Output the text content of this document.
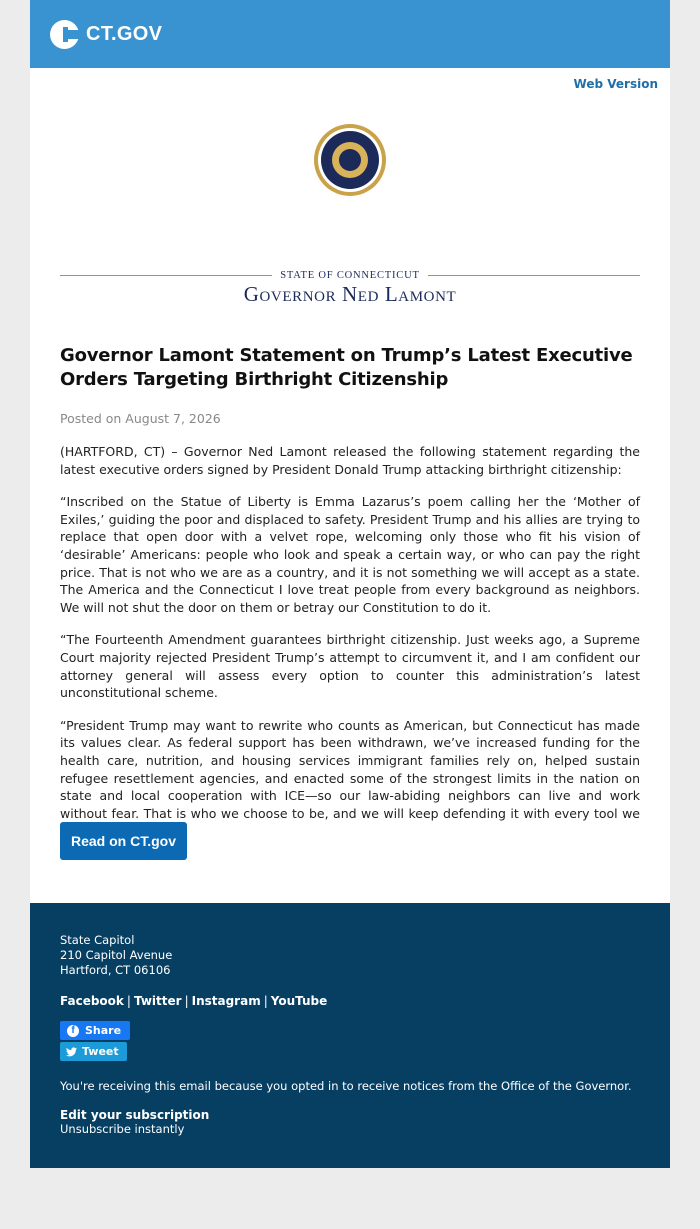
CT.GOV
Web Version
STATE OF CONNECTICUT
Governor Ned Lamont
Governor Lamont Statement on Trump’s Latest Executive Orders Targeting Birthright Citizenship
Posted on August 7, 2026

(HARTFORD, CT) – Governor Ned Lamont released the following statement regarding the latest executive orders signed by President Donald Trump attacking birthright citizenship:

“Inscribed on the Statue of Liberty is Emma Lazarus’s poem calling her the ‘Mother of Exiles,’ guiding the poor and displaced to safety. President Trump and his allies are trying to replace that open door with a velvet rope, welcoming only those who fit his vision of ‘desirable’ Americans: people who look and speak a certain way, or who can pay the right price. That is not who we are as a country, and it is not something we will accept as a state. The America and the Connecticut I love treat people from every background as neighbors. We will not shut the door on them or betray our Constitution to do it.

“The Fourteenth Amendment guarantees birthright citizenship. Just weeks ago, a Supreme Court majority rejected President Trump’s attempt to circumvent it, and I am confident our attorney general will assess every option to counter this administration’s latest unconstitutional scheme.

“President Trump may want to rewrite who counts as American, but Connecticut has made its values clear. As federal support has been withdrawn, we’ve increased funding for the health care, nutrition, and housing services immigrant families rely on, helped sustain refugee resettlement agencies, and enacted some of the strongest limits in the nation on state and local cooperation with ICE—so our law-abiding neighbors can live and work without fear. That is who we choose to be, and we will keep defending it with every tool we

Read on CT.gov
State Capitol
210 Capitol Avenue
Hartford, CT 06106
Facebook | Twitter | Instagram | YouTube
f Share
Tweet
You're receiving this email because you opted in to receive notices from the Office of the Governor.
Edit your subscription
Unsubscribe instantly
